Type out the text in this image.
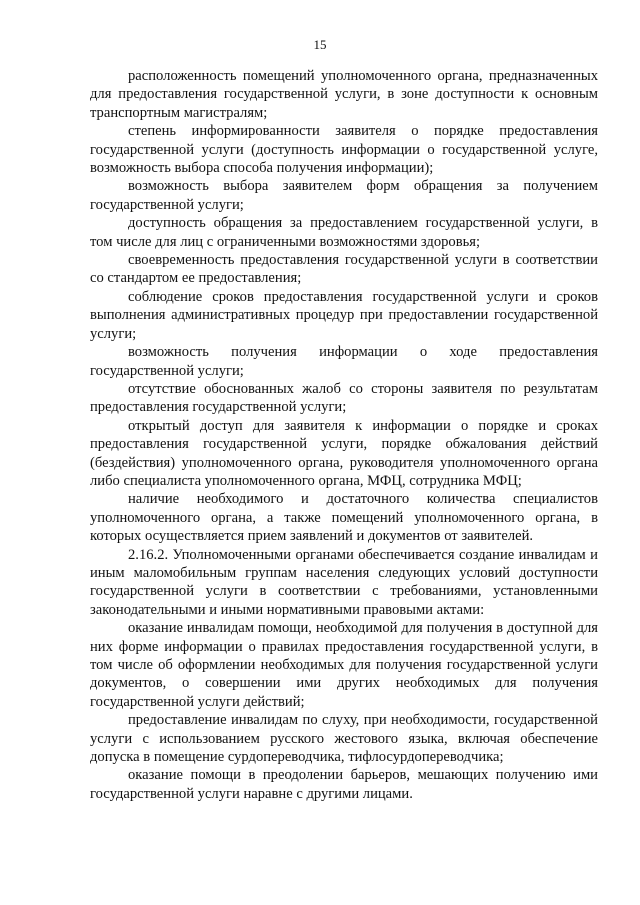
15

расположенность помещений уполномоченного органа, предназначенных для предоставления государственной услуги, в зоне доступности к основным транспортным магистралям;

степень информированности заявителя о порядке предоставления государственной услуги (доступность информации о государственной услуге, возможность выбора способа получения информации);

возможность выбора заявителем форм обращения за получением государственной услуги;

доступность обращения за предоставлением государственной услуги, в том числе для лиц с ограниченными возможностями здоровья;

своевременность предоставления государственной услуги в соответствии со стандартом ее предоставления;

соблюдение сроков предоставления государственной услуги и сроков выполнения административных процедур при предоставлении государственной услуги;

возможность получения информации о ходе предоставления государственной услуги;

отсутствие обоснованных жалоб со стороны заявителя по результатам предоставления государственной услуги;

открытый доступ для заявителя к информации о порядке и сроках предоставления государственной услуги, порядке обжалования действий (бездействия) уполномоченного органа, руководителя уполномоченного органа либо специалиста уполномоченного органа, МФЦ, сотрудника МФЦ;

наличие необходимого и достаточного количества специалистов уполномоченного органа, а также помещений уполномоченного органа, в которых осуществляется прием заявлений и документов от заявителей.

2.16.2. Уполномоченными органами обеспечивается создание инвалидам и иным маломобильным группам населения следующих условий доступности государственной услуги в соответствии с требованиями, установленными законодательными и иными нормативными правовыми актами:

оказание инвалидам помощи, необходимой для получения в доступной для них форме информации о правилах предоставления государственной услуги, в том числе об оформлении необходимых для получения государственной услуги документов, о совершении ими других необходимых для получения государственной услуги действий;

предоставление инвалидам по слуху, при необходимости, государственной услуги с использованием русского жестового языка, включая обеспечение допуска в помещение сурдопереводчика, тифлосурдопереводчика;

оказание помощи в преодолении барьеров, мешающих получению ими государственной услуги наравне с другими лицами.
